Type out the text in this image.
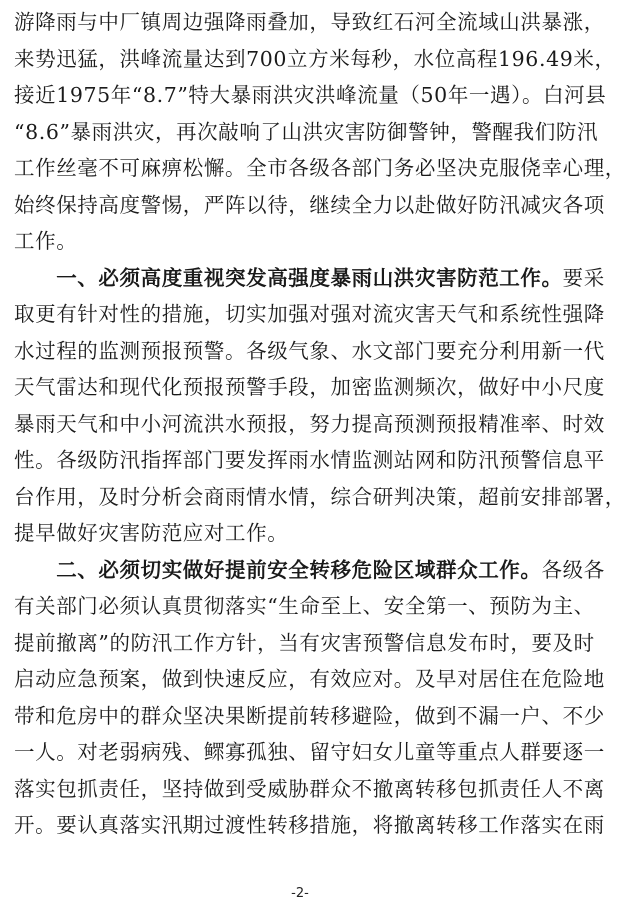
游降雨与中厂镇周边强降雨叠加，导致红石河全流域山洪暴涨，
来势迅猛，洪峰流量达到700立方米每秒，水位高程196.49米，
接近1975年“8.7”特大暴雨洪灾洪峰流量（50年一遇）。白河县
“8.6”暴雨洪灾，再次敲响了山洪灾害防御警钟，警醒我们防汛
工作丝毫不可麻痹松懈。全市各级各部门务必坚决克服侥幸心理，
始终保持高度警惕，严阵以待，继续全力以赴做好防汛减灾各项
工作。
　　一、必须高度重视突发高强度暴雨山洪灾害防范工作。要采
取更有针对性的措施，切实加强对强对流灾害天气和系统性强降
水过程的监测预报预警。各级气象、水文部门要充分利用新一代
天气雷达和现代化预报预警手段，加密监测频次，做好中小尺度
暴雨天气和中小河流洪水预报，努力提高预测预报精准率、时效
性。各级防汛指挥部门要发挥雨水情监测站网和防汛预警信息平
台作用，及时分析会商雨情水情，综合研判决策，超前安排部署，
提早做好灾害防范应对工作。
　　二、必须切实做好提前安全转移危险区域群众工作。各级各
有关部门必须认真贯彻落实“生命至上、安全第一、预防为主、
提前撤离”的防汛工作方针，当有灾害预警信息发布时，要及时
启动应急预案，做到快速反应，有效应对。及早对居住在危险地
带和危房中的群众坚决果断提前转移避险，做到不漏一户、不少
一人。对老弱病残、鳏寡孤独、留守妇女儿童等重点人群要逐一
落实包抓责任，坚持做到受威胁群众不撤离转移包抓责任人不离
开。要认真落实汛期过渡性转移措施，将撤离转移工作落实在雨
-2-
